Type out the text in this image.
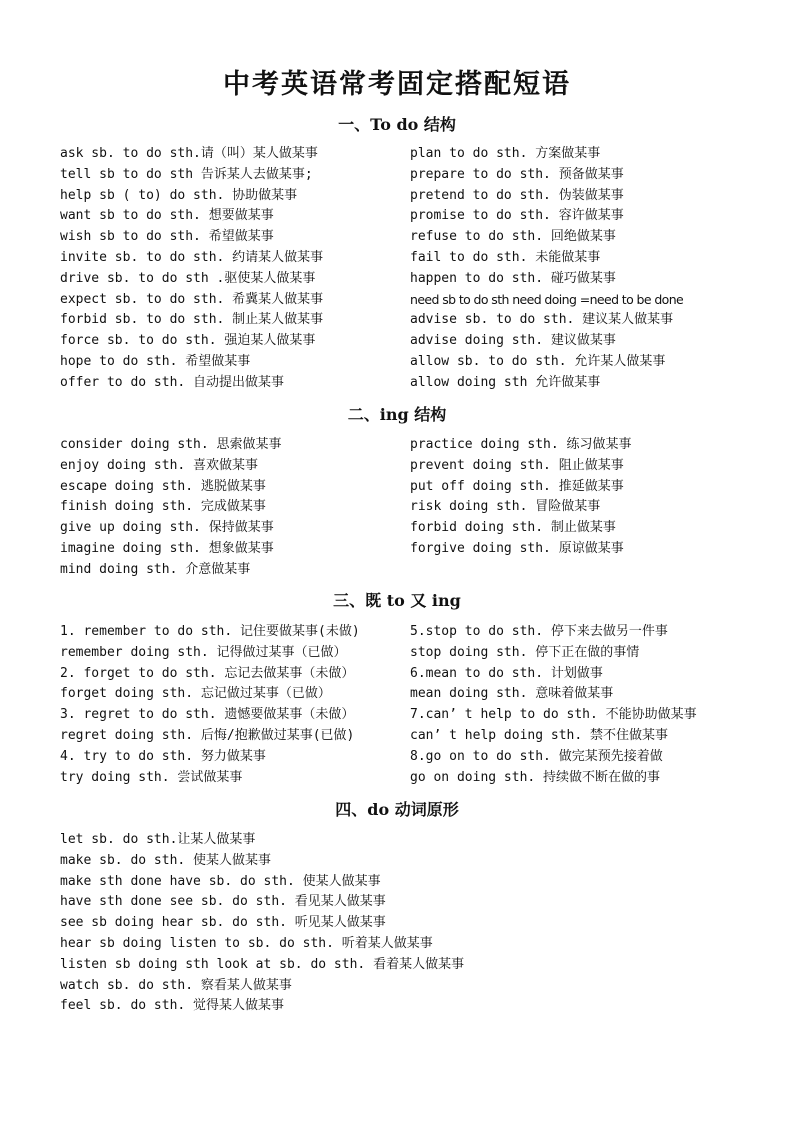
中考英语常考固定搭配短语
一、To do 结构
ask sb. to do sth.请（叫）某人做某事
tell sb to do sth 告诉某人去做某事;
help sb ( to) do sth. 协助做某事
want sb to do sth. 想要做某事
wish sb to do sth. 希望做某事
invite sb. to do sth. 约请某人做某事
drive sb. to do sth .驱使某人做某事
expect sb. to do sth. 希冀某人做某事
forbid sb. to do sth. 制止某人做某事
force sb. to do sth. 强迫某人做某事
hope to do sth. 希望做某事
offer to do sth. 自动提出做某事
plan to do sth. 方案做某事
prepare to do sth. 预备做某事
pretend to do sth. 伪装做某事
promise to do sth. 容许做某事
refuse to do sth. 回绝做某事
fail to do sth. 未能做某事
happen to do sth. 碰巧做某事
need sb to do sth need doing =need to be done
advise sb. to do sth. 建议某人做某事
advise doing sth. 建议做某事
allow sb. to do sth. 允许某人做某事
allow doing sth 允许做某事
二、ing 结构
consider doing sth. 思索做某事
enjoy doing sth. 喜欢做某事
escape doing sth. 逃脱做某事
finish doing sth. 完成做某事
give up doing sth. 保持做某事
imagine doing sth. 想象做某事
mind doing sth. 介意做某事
practice doing sth. 练习做某事
prevent doing sth. 阻止做某事
put off doing sth. 推延做某事
risk doing sth. 冒险做某事
forbid doing sth. 制止做某事
forgive doing sth. 原谅做某事
三、既 to 又 ing
1. remember to do sth. 记住要做某事(未做)
remember doing sth. 记得做过某事（已做）
2. forget to do sth. 忘记去做某事（未做）
forget doing sth. 忘记做过某事（已做）
3. regret to do sth. 遗憾要做某事（未做）
regret doing sth. 后悔/抱歉做过某事(已做)
4. try to do sth. 努力做某事
try doing sth. 尝试做某事
5.stop to do sth. 停下来去做另一件事
stop doing sth. 停下正在做的事情
6.mean to do sth. 计划做事
mean doing sth. 意味着做某事
7.can’ t help to do sth. 不能协助做某事
can’ t help doing sth. 禁不住做某事
8.go on to do sth. 做完某预先接着做
go on doing sth. 持续做不断在做的事
四、do 动词原形
let sb. do sth.让某人做某事
make sb. do sth. 使某人做某事
make sth done have sb. do sth. 使某人做某事
have sth done see sb. do sth. 看见某人做某事
see sb doing hear sb. do sth. 听见某人做某事
hear sb doing listen to sb. do sth. 听着某人做某事
listen sb doing sth look at sb. do sth. 看着某人做某事
watch sb. do sth. 察看某人做某事
feel sb. do sth. 觉得某人做某事
